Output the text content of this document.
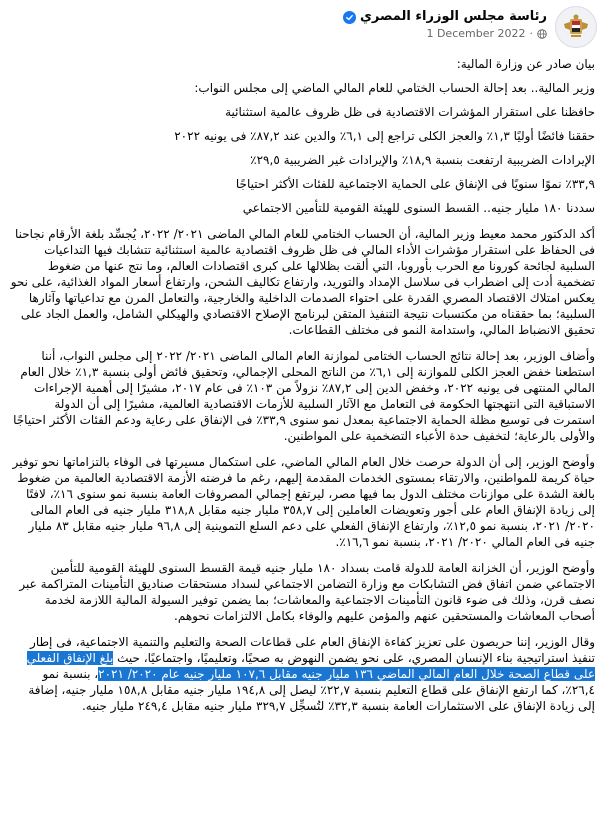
رئاسة مجلس الوزراء المصري
1 December 2022 ·

بيان صادر عن وزارة المالية:

وزير المالية.. بعد إحالة الحساب الختامي للعام المالي الماضي إلى مجلس النواب:

حافظنا على استقرار المؤشرات الاقتصادية فى ظل ظروف عالمية استثنائية

حققنا فائضًا أوليًا ١,٣٪ والعجز الكلى تراجع إلى ٦,١٪ والدين عند ٨٧,٢٪ فى يونيه ٢٠٢٢

الإيرادات الضريبية ارتفعت بنسبة ١٨,٩٪ والإيرادات غير الضريبية ٢٩,٥٪

٣٣,٩٪ نموًا سنويًا فى الإنفاق على الحماية الاجتماعية للفئات الأكثر احتياجًا

سددنا ١٨٠ مليار جنيه.. القسط السنوى للهيئة القومية للتأمين الاجتماعي

أكد الدكتور محمد معيط وزير المالية، أن الحساب الختامي للعام المالي الماضى ٢٠٢١/ ٢٠٢٢، يُجسِّد بلغة الأرقام نجاحنا فى الحفاظ على استقرار مؤشرات الأداء المالي فى ظل ظروف اقتصادية عالمية استثنائية تتشابك فيها التداعيات السلبية لجائحة كورونا مع الحرب بأوروبا، التي ألقت بظلالها على كبرى اقتصادات العالم، وما نتج عنها من ضغوط تضخمية أدت إلى اضطراب فى سلاسل الإمداد والتوريد، وارتفاع تكاليف الشحن، وارتفاع أسعار المواد الغذائية، على نحو يعكس امتلاك الاقتصاد المصري القدرة على احتواء الصدمات الداخلية والخارجية، والتعامل المرن مع تداعياتها وآثارها السلبية؛ بما حققناه من مكتسبات نتيجة التنفيذ المتقن لبرنامج الإصلاح الاقتصادي والهيكلي الشامل، والعمل الجاد على تحقيق الانضباط المالي، واستدامة النمو فى مختلف القطاعات.

وأضاف الوزير، بعد إحالة نتائج الحساب الختامى لموازنة العام المالى الماضى ٢٠٢١/ ٢٠٢٢ إلى مجلس النواب، أننا استطعنا خفض العجز الكلى للموازنة إلى ٦,١٪ من الناتج المحلى الإجمالي، وتحقيق فائض أولى بنسبة ١,٣٪ خلال العام المالي المنتهى فى يونيه ٢٠٢٢، وخفض الدين إلى ٨٧,٢٪ نزولاً من ١٠٣٪ فى عام ٢٠١٧، مشيرًا إلى أهمية الإجراءات الاستباقية التى انتهجتها الحكومة فى التعامل مع الآثار السلبية للأزمات الاقتصادية العالمية، مشيرًا إلى أن الدولة استمرت فى توسيع مظلة الحماية الاجتماعية بمعدل نمو سنوى ٣٣,٩٪ فى الإنفاق على رعاية ودعم الفئات الأكثر احتياجًا والأولى بالرعاية؛ لتخفيف حدة الأعباء التضخمية على المواطنين.

وأوضح الوزير، إلى أن الدولة حرصت خلال العام المالي الماضي، على استكمال مسيرتها فى الوفاء بالتزاماتها نحو توفير حياة كريمة للمواطنين، والارتقاء بمستوى الخدمات المقدمة إليهم، رغم ما فرضته الأزمة الاقتصادية العالمية من ضغوط بالغة الشدة على موازنات مختلف الدول بما فيها مصر، ليرتفع إجمالي المصروفات العامة بنسبة نمو سنوى ١٦٪، لافتًا إلى زيادة الإنفاق العام على أجور وتعويضات العاملين إلى ٣٥٨,٧ مليار جنيه مقابل ٣١٨,٨ مليار جنيه فى العام المالى ٢٠٢٠/ ٢٠٢١، بنسبة نمو ١٢,٥٪، وارتفاع الإنفاق الفعلي على دعم السلع التموينية إلى ٩٦,٨ مليار جنيه مقابل ٨٣ مليار جنيه فى العام المالي ٢٠٢٠/ ٢٠٢١، بنسبة نمو ١٦,٦٪.

وأوضح الوزير، أن الخزانة العامة للدولة قامت بسداد ١٨٠ مليار جنيه قيمة القسط السنوى للهيئة القومية للتأمين الاجتماعي ضمن اتفاق فض التشابكات مع وزارة التضامن الاجتماعي لسداد مستحقات صناديق التأمينات المتراكمة عبر نصف قرن، وذلك فى ضوء قانون التأمينات الاجتماعية والمعاشات؛ بما يضمن توفير السيولة المالية اللازمة لخدمة أصحاب المعاشات والمستحقين عنهم والمؤمن عليهم والوفاء بكامل الالتزامات نحوهم.

وقال الوزير، إننا حريصون على تعزيز كفاءة الإنفاق العام على قطاعات الصحة والتعليم والتنمية الاجتماعية، فى إطار تنفيذ استراتيجية بناء الإنسان المصري، على نحو يضمن النهوض به صحيًا، وتعليميًا، واجتماعيًا، حيث بلغ الإنفاق الفعلي على قطاع الصحة خلال العام المالي الماضي ١٣٦ مليار جنيه مقابل ١٠٧,٦ مليار جنيه عام ٢٠٢٠/ ٢٠٢١، بنسبة نمو ٢٦,٤٪، كما ارتفع الإنفاق على قطاع التعليم بنسبة ٢٢,٧٪ ليصل إلى ١٩٤,٨ مليار جنيه مقابل ١٥٨,٨ مليار جنيه، إضافة إلى زيادة الإنفاق على الاستثمارات العامة بنسبة ٣٢,٣٪ لتُسجِّل ٣٢٩,٧ مليار جنيه مقابل ٢٤٩,٤ مليار جنيه.
